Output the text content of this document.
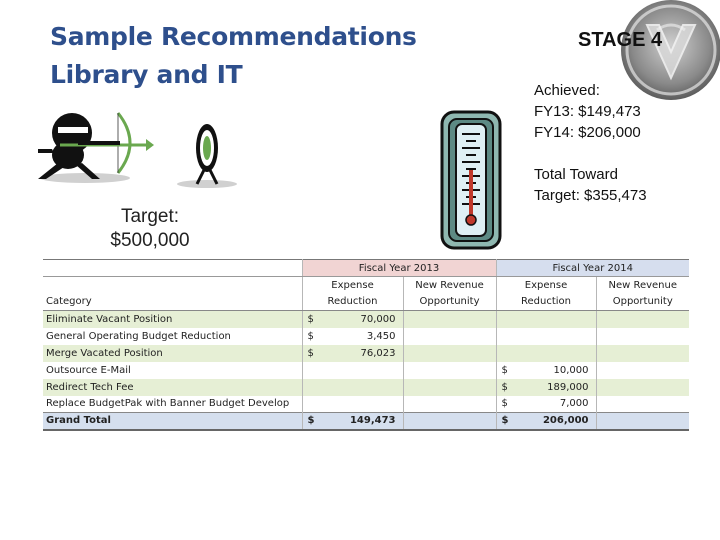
Sample Recommendations
Library and IT
STAGE 4
Achieved:
FY13: $149,473
FY14: $206,000
Total Toward
Target: $355,473
Target:
$500,000
	Fiscal Year 2013		Fiscal Year 2014	
	Expense	New Revenue	Expense	New Revenue
Category	Reduction	Opportunity	Reduction	Opportunity
Eliminate Vacant Position	$ 70,000			

General Operating Budget Reduction	$ 3,450			

Merge Vacated Position	$ 76,023			

Outsource E-Mail			$ 10,000	

Redirect Tech Fee			$ 189,000	

Replace BudgetPak with Banner Budget Develop			$ 7,000	

Grand Total	$ 149,473		$ 206,000	
